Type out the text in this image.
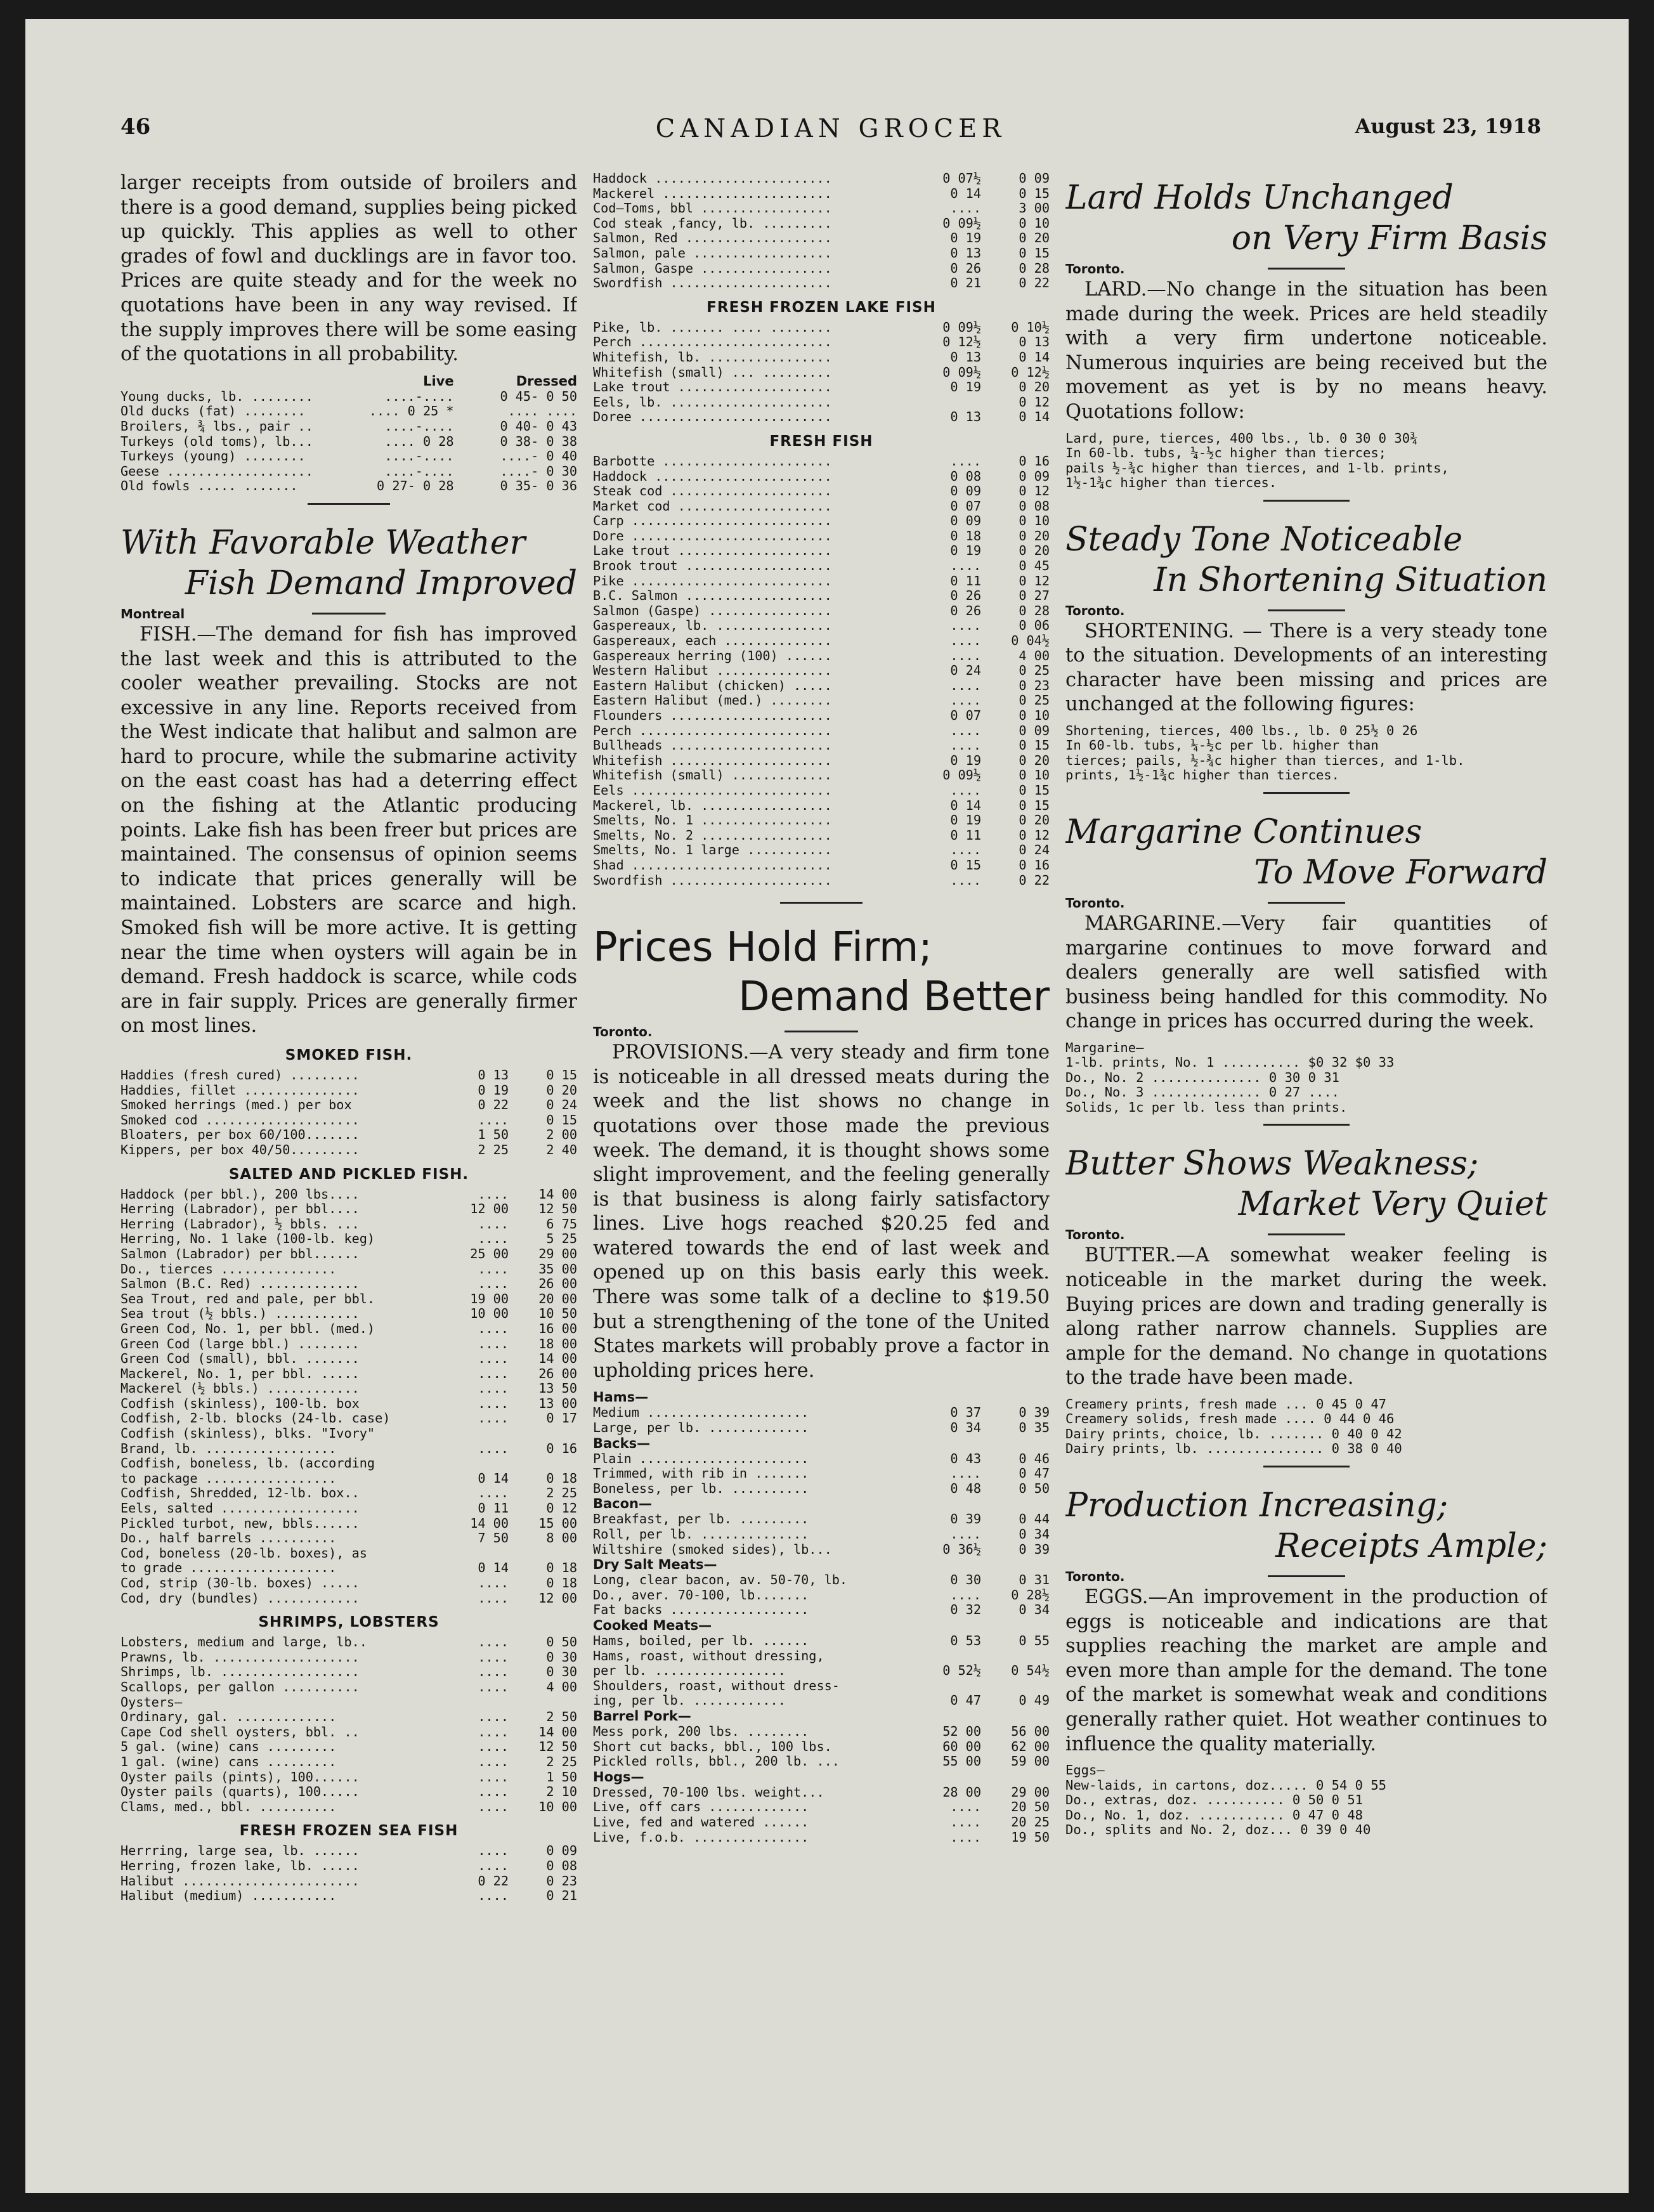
46	CANADIAN GROCER	August 23, 1918

larger receipts from outside of broilers and there is a good demand, supplies being picked up quickly. This applies as well to other grades of fowl and ducklings are in favor too. Prices are quite steady and for the week no quotations have been in any way revised. If the supply improves there will be some easing of the quotations in all probability.

	Live	Dressed
Young ducks, lb. ........	....-....	0 45- 0 50
Old ducks (fat) ........	.... 0 25 *	.... ....
Broilers, ¾ lbs., pair ..	....-....	0 40- 0 43
Turkeys (old toms), lb...	.... 0 28	0 38- 0 38
Turkeys (young) ........	....-....	....- 0 40
Geese ...................	....-....	....- 0 30
Old fowls ..... .......	0 27- 0 28	0 35- 0 36
With Favorable Weather
Fish Demand Improved
Montreal

FISH.—The demand for fish has improved the last week and this is attributed to the cooler weather prevailing. Stocks are not excessive in any line. Reports received from the West indicate that halibut and salmon are hard to procure, while the submarine activity on the east coast has had a deterring effect on the fishing at the Atlantic producing points. Lake fish has been freer but prices are maintained. The consensus of opinion seems to indicate that prices generally will be maintained. Lobsters are scarce and high. Smoked fish will be more active. It is getting near the time when oysters will again be in demand. Fresh haddock is scarce, while cods are in fair supply. Prices are generally firmer on most lines.

SMOKED FISH.
Haddies (fresh cured) .........	0 13	0 15
Haddies, fillet ...............	0 19	0 20
Smoked herrings (med.) per box	0 22	0 24
Smoked cod ....................	....	0 15
Bloaters, per box 60/100.......	1 50	2 00
Kippers, per box 40/50.........	2 25	2 40
SALTED AND PICKLED FISH.
Haddock (per bbl.), 200 lbs....	....	14 00
Herring (Labrador), per bbl....	12 00	12 50
Herring (Labrador), ½ bbls. ...	....	6 75
Herring, No. 1 lake (100-lb. keg)	....	5 25
Salmon (Labrador) per bbl......	25 00	29 00
Do., tierces ...............	....	35 00
Salmon (B.C. Red) .............	....	26 00
Sea Trout, red and pale, per bbl.	19 00	20 00
Sea trout (½ bbls.) ...........	10 00	10 50
Green Cod, No. 1, per bbl. (med.)	....	16 00
Green Cod (large bbl.) ........	....	18 00
Green Cod (small), bbl. .......	....	14 00
Mackerel, No. 1, per bbl. .....	....	26 00
Mackerel (½ bbls.) ............	....	13 50
Codfish (skinless), 100-lb. box	....	13 00
Codfish, 2-lb. blocks (24-lb. case)	....	0 17
Codfish (skinless), blks. "Ivory"		
Brand, lb. .................	....	0 16
Codfish, boneless, lb. (according		
to package .................	0 14	0 18
Codfish, Shredded, 12-lb. box..	....	2 25
Eels, salted ..................	0 11	0 12
Pickled turbot, new, bbls......	14 00	15 00
Do., half barrels ..........	7 50	8 00
Cod, boneless (20-lb. boxes), as		
to grade ...................	0 14	0 18
Cod, strip (30-lb. boxes) .....	....	0 18
Cod, dry (bundles) ............	....	12 00
SHRIMPS, LOBSTERS
Lobsters, medium and large, lb..	....	0 50
Prawns, lb. ...................	....	0 30
Shrimps, lb. ..................	....	0 30
Scallops, per gallon ..........	....	4 00
Oysters—		
Ordinary, gal. .............	....	2 50
Cape Cod shell oysters, bbl. ..	....	14 00
5 gal. (wine) cans .........	....	12 50
1 gal. (wine) cans .........	....	2 25
Oyster pails (pints), 100......	....	1 50
Oyster pails (quarts), 100.....	....	2 10
Clams, med., bbl. ..........	....	10 00
FRESH FROZEN SEA FISH
Herrring, large sea, lb. ......	....	0 09
Herring, frozen lake, lb. .....	....	0 08
Halibut .......................	0 22	0 23
Halibut (medium) ...........	....	0 21
Haddock .......................	0 07½	0 09
Mackerel ......................	0 14	0 15
Cod—Toms, bbl .................	....	3 00
Cod steak ,fancy, lb. .........	0 09½	0 10
Salmon, Red ...................	0 19	0 20
Salmon, pale ..................	0 13	0 15
Salmon, Gaspe .................	0 26	0 28
Swordfish .....................	0 21	0 22
FRESH FROZEN LAKE FISH
Pike, lb. ....... .... ........	0 09½	0 10½
Perch .........................	0 12½	0 13
Whitefish, lb. ................	0 13	0 14
Whitefish (small) ... .........	0 09½	0 12½
Lake trout ....................	0 19	0 20
Eels, lb. .....................		0 12
Doree .........................	0 13	0 14
FRESH FISH
Barbotte ......................	....	0 16
Haddock .......................	0 08	0 09
Steak cod .....................	0 09	0 12
Market cod ....................	0 07	0 08
Carp ..........................	0 09	0 10
Dore ..........................	0 18	0 20
Lake trout ....................	0 19	0 20
Brook trout ...................	....	0 45
Pike ..........................	0 11	0 12
B.C. Salmon ...................	0 26	0 27
Salmon (Gaspe) ................	0 26	0 28
Gaspereaux, lb. ...............	....	0 06
Gaspereaux, each ..............	....	0 04½
Gaspereaux herring (100) ......	....	4 00
Western Halibut ...............	0 24	0 25
Eastern Halibut (chicken) .....	....	0 23
Eastern Halibut (med.) ........	....	0 25
Flounders .....................	0 07	0 10
Perch .........................	....	0 09
Bullheads .....................	....	0 15
Whitefish .....................	0 19	0 20
Whitefish (small) .............	0 09½	0 10
Eels ..........................	....	0 15
Mackerel, lb. .................	0 14	0 15
Smelts, No. 1 .................	0 19	0 20
Smelts, No. 2 .................	0 11	0 12
Smelts, No. 1 large ...........	....	0 24
Shad ..........................	0 15	0 16
Swordfish .....................	....	0 22
Prices Hold Firm;
Demand Better
Toronto.

PROVISIONS.—A very steady and firm tone is noticeable in all dressed meats during the week and the list shows no change in quotations over those made the previous week. The demand, it is thought shows some slight improvement, and the feeling generally is that business is along fairly satisfactory lines. Live hogs reached $20.25 fed and watered towards the end of last week and opened up on this basis early this week. There was some talk of a decline to $19.50 but a strengthening of the tone of the United States markets will probably prove a factor in upholding prices here.

Hams—		
Medium .....................	0 37	0 39
Large, per lb. .............	0 34	0 35
Backs—		
Plain ......................	0 43	0 46
Trimmed, with rib in .......	....	0 47
Boneless, per lb. ..........	0 48	0 50
Bacon—		
Breakfast, per lb. .........	0 39	0 44
Roll, per lb. ..............	....	0 34
Wiltshire (smoked sides), lb...	0 36½	0 39
Dry Salt Meats—		
Long, clear bacon, av. 50-70, lb.	0 30	0 31
Do., aver. 70-100, lb.......	....	0 28½
Fat backs ..................	0 32	0 34
Cooked Meats—		
Hams, boiled, per lb. ......	0 53	0 55
Hams, roast, without dressing,		
per lb. .................	0 52½	0 54½
Shoulders, roast, without dress-		
ing, per lb. ............	0 47	0 49
Barrel Pork—		
Mess pork, 200 lbs. ........	52 00	56 00
Short cut backs, bbl., 100 lbs.	60 00	62 00
Pickled rolls, bbl., 200 lb. ...	55 00	59 00
Hogs—		
Dressed, 70-100 lbs. weight...	28 00	29 00
Live, off cars .............	....	20 50
Live, fed and watered ......	....	20 25
Live, f.o.b. ...............	....	19 50
Lard Holds Unchanged
on Very Firm Basis
Toronto.

LARD.—No change in the situation has been made during the week. Prices are held steadily with a very firm undertone noticeable. Numerous inquiries are being received but the movement as yet is by no means heavy. Quotations follow:

Lard, pure, tierces, 400 lbs., lb. 0 30 0 30¾
In 60-lb. tubs, ¼-½c higher than tierces;
pails ½-¾c higher than tierces, and 1-lb. prints,
1½-1¾c higher than tierces.
Steady Tone Noticeable
In Shortening Situation
Toronto.

SHORTENING. — There is a very steady tone to the situation. Developments of an interesting character have been missing and prices are unchanged at the following figures:

Shortening, tierces, 400 lbs., lb. 0 25½ 0 26
In 60-lb. tubs, ¼-½c per lb. higher than
tierces; pails, ½-¾c higher than tierces, and 1-lb.
prints, 1½-1¾c higher than tierces.
Margarine Continues
To Move Forward
Toronto.

MARGARINE.—Very fair quantities of margarine continues to move forward and dealers generally are well satisfied with business being handled for this commodity. No change in prices has occurred during the week.

Margarine—
1-lb. prints, No. 1 .......... $0 32 $0 33
Do., No. 2 .............. 0 30 0 31
Do., No. 3 .............. 0 27 ....
Solids, 1c per lb. less than prints.
Butter Shows Weakness;
Market Very Quiet
Toronto.

BUTTER.—A somewhat weaker feeling is noticeable in the market during the week. Buying prices are down and trading generally is along rather narrow channels. Supplies are ample for the demand. No change in quotations to the trade have been made.

Creamery prints, fresh made ... 0 45 0 47
Creamery solids, fresh made .... 0 44 0 46
Dairy prints, choice, lb. ....... 0 40 0 42
Dairy prints, lb. ............... 0 38 0 40
Production Increasing;
Receipts Ample;
Toronto.

EGGS.—An improvement in the production of eggs is noticeable and indications are that supplies reaching the market are ample and even more than ample for the demand. The tone of the market is somewhat weak and conditions generally rather quiet. Hot weather continues to influence the quality materially.

Eggs—
New-laids, in cartons, doz..... 0 54 0 55
Do., extras, doz. .......... 0 50 0 51
Do., No. 1, doz. ........... 0 47 0 48
Do., splits and No. 2, doz... 0 39 0 40
